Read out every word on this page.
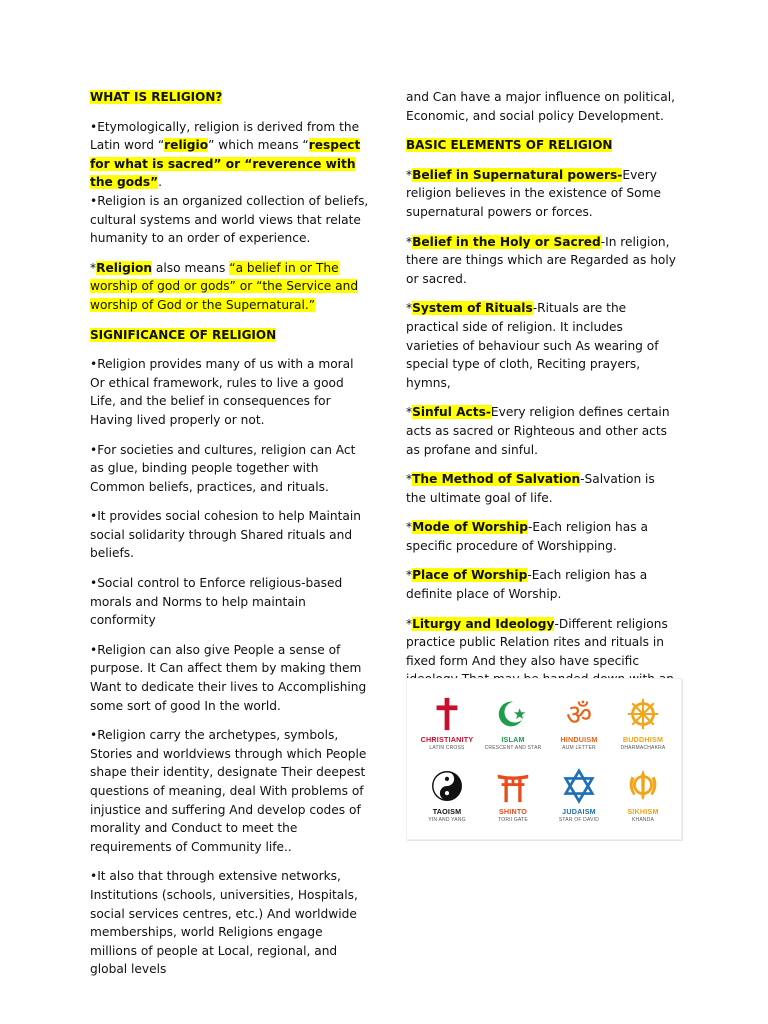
WHAT IS RELIGION?

•Etymologically, religion is derived from the Latin word “religio” which means “respect for what is sacred” or “reverence with the gods”.

•Religion is an organized collection of beliefs, cultural systems and world views that relate humanity to an order of experience.

*Religion also means “a belief in or The worship of god or gods” or “the Service and worship of God or the Supernatural.”

SIGNIFICANCE OF RELIGION

•Religion provides many of us with a moral Or ethical framework, rules to live a good Life, and the belief in consequences for Having lived properly or not.

•For societies and cultures, religion can Act as glue, binding people together with Common beliefs, practices, and rituals.

•It provides social cohesion to help Maintain social solidarity through Shared rituals and beliefs.

•Social control to Enforce religious-based morals and Norms to help maintain conformity

•Religion can also give People a sense of purpose. It Can affect them by making them Want to dedicate their lives to Accomplishing some sort of good In the world.

•Religion carry the archetypes, symbols, Stories and worldviews through which People shape their identity, designate Their deepest questions of meaning, deal With problems of injustice and suffering And develop codes of morality and Conduct to meet the requirements of Community life..

•It also that through extensive networks, Institutions (schools, universities, Hospitals, social services centres, etc.) And worldwide memberships, world Religions engage millions of people at Local, regional, and global levels

and Can have a major influence on political, Economic, and social policy Development.

BASIC ELEMENTS OF RELIGION

*Belief in Supernatural powers-Every religion believes in the existence of Some supernatural powers or forces.

*Belief in the Holy or Sacred-In religion, there are things which are Regarded as holy or sacred.

*System of Rituals-Rituals are the practical side of religion. It includes varieties of behaviour such As wearing of special type of cloth, Reciting prayers, hymns,

*Sinful Acts-Every religion defines certain acts as sacred or Righteous and other acts as profane and sinful.

*The Method of Salvation-Salvation is the ultimate goal of life.

*Mode of Worship-Each religion has a specific procedure of Worshipping.

*Place of Worship-Each religion has a definite place of Worship.

*Liturgy and Ideology-Different religions practice public Relation rites and rituals in fixed form And they also have specific

CHRISTIANITY
LATIN CROSS
ISLAM
CRESCENT AND STAR
ॐ
HINDUISM
AUM LETTER
BUDDHISM
DHARMACHAKRA
TAOISM
YIN AND YANG
SHINTO
TORII GATE
JUDAISM
STAR OF DAVID
SIKHISM
KHANDA
